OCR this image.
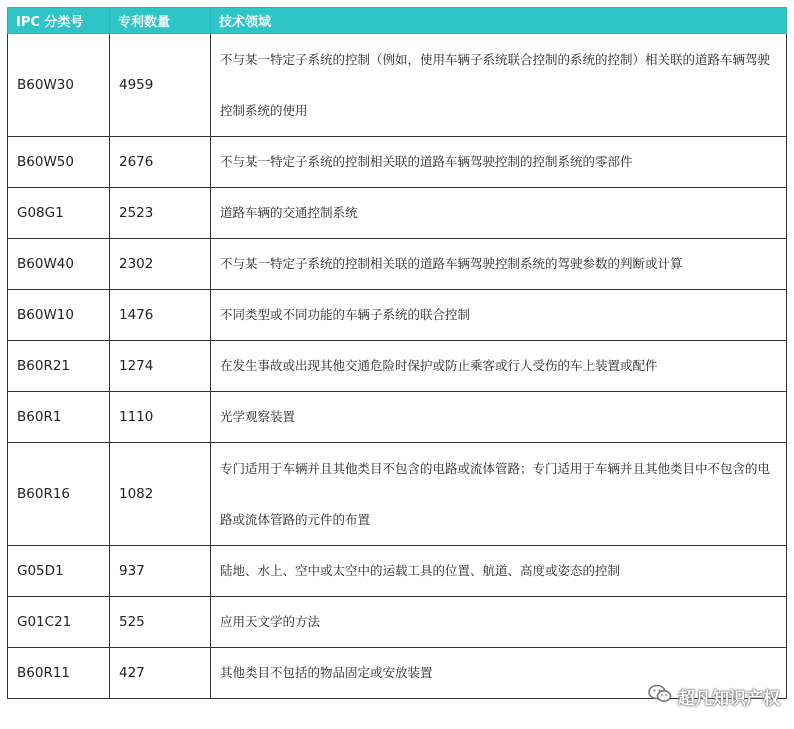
IPC 分类号	专利数量	技术领域
B60W30	4959	不与某一特定子系统的控制（例如，使用车辆子系统联合控制的系统的控制）相关联的道路车辆驾驶控制系统的使用

B60W50	2676	不与某一特定子系统的控制相关联的道路车辆驾驶控制的控制系统的零部件
G08G1	2523	道路车辆的交通控制系统
B60W40	2302	不与某一特定子系统的控制相关联的道路车辆驾驶控制系统的驾驶参数的判断或计算
B60W10	1476	不同类型或不同功能的车辆子系统的联合控制
B60R21	1274	在发生事故或出现其他交通危险时保护或防止乘客或行人受伤的车上装置或配件
B60R1	1110	光学观察装置
B60R16	1082	专门适用于车辆并且其他类目不包含的电路或流体管路；专门适用于车辆并且其他类目中不包含的电路或流体管路的元件的布置

G05D1	937	陆地、水上、空中或太空中的运载工具的位置、航道、高度或姿态的控制
G01C21	525	应用天文学的方法
B60R11	427	其他类目不包括的物品固定或安放装置
超凡知识产权
